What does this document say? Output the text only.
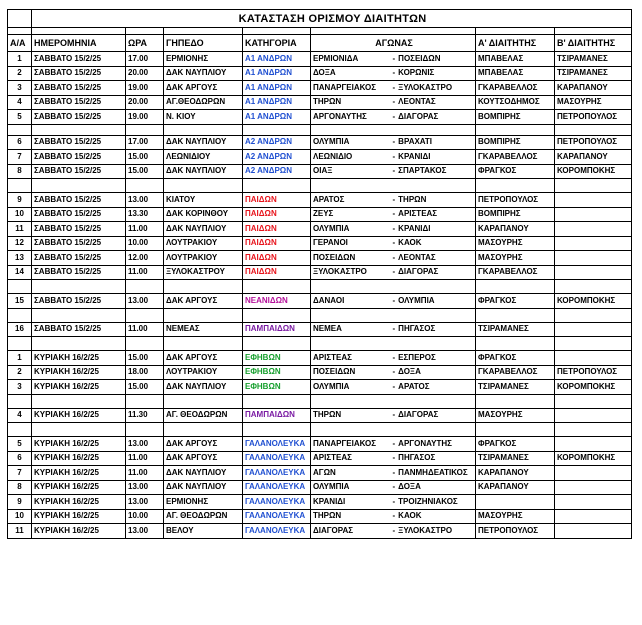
	ΚΑΤΑΣΤΑΣΗ ΟΡΙΣΜΟΥ ΔΙΑΙΤΗΤΩΝ							

Α/Α	ΗΜΕΡΟΜΗΝΙΑ	ΩΡΑ	ΓΗΠΕΔΟ	ΚΑΤΗΓΟΡΙΑ	ΑΓΩΝΑΣ		Α' ΔΙΑΙΤΗΤΗΣ	Β' ΔΙΑΙΤΗΤΗΣ
1	ΣΑΒΒΑΤΟ 15/2/25	17.00	ΕΡΜΙΟΝΗΣ	Α1 ΑΝΔΡΩΝ	ΕΡΜΙΟΝΙΔΑ	- ΠΟΣΕΙΔΩΝ	ΜΠΑΒΕΛΑΣ	ΤΣΙΡΑΜΑΝΕΣ
2	ΣΑΒΒΑΤΟ 15/2/25	20.00	ΔΑΚ ΝΑΥΠΛΙΟΥ	Α1 ΑΝΔΡΩΝ	ΔΟΞΑ	- ΚΟΡΩΝΙΣ	ΜΠΑΒΕΛΑΣ	ΤΣΙΡΑΜΑΝΕΣ
3	ΣΑΒΒΑΤΟ 15/2/25	19.00	ΔΑΚ ΑΡΓΟΥΣ	Α1 ΑΝΔΡΩΝ	ΠΑΝΑΡΓΕΙΑΚΟΣ	- ΞΥΛΟΚΑΣΤΡΟ	ΓΚΑΡΑΒΕΛΛΟΣ	ΚΑΡΑΠΑΝΟΥ
4	ΣΑΒΒΑΤΟ 15/2/25	20.00	ΑΓ.ΘΕΟΔΩΡΩΝ	Α1 ΑΝΔΡΩΝ	ΤΗΡΩΝ	- ΛΕΟΝΤΑΣ	ΚΟΥΤΣΟΔΗΜΟΣ	ΜΑΣΟΥΡΗΣ
5	ΣΑΒΒΑΤΟ 15/2/25	19.00	Ν. ΚΙΟΥ	Α1 ΑΝΔΡΩΝ	ΑΡΓΟΝΑΥΤΗΣ	- ΔΙΑΓΟΡΑΣ	ΒΟΜΠΙΡΗΣ	ΠΕΤΡΟΠΟΥΛΟΣ

6	ΣΑΒΒΑΤΟ 15/2/25	17.00	ΔΑΚ ΝΑΥΠΛΙΟΥ	Α2 ΑΝΔΡΩΝ	ΟΛΥΜΠΙΑ	- ΒΡΑΧΑΤΙ	ΒΟΜΠΙΡΗΣ	ΠΕΤΡΟΠΟΥΛΟΣ
7	ΣΑΒΒΑΤΟ 15/2/25	15.00	ΛΕΩΝΙΔΙΟΥ	Α2 ΑΝΔΡΩΝ	ΛΕΩΝΙΔΙΟ	- ΚΡΑΝΙΔΙ	ΓΚΑΡΑΒΕΛΛΟΣ	ΚΑΡΑΠΑΝΟΥ
8	ΣΑΒΒΑΤΟ 15/2/25	15.00	ΔΑΚ ΝΑΥΠΛΙΟΥ	Α2 ΑΝΔΡΩΝ	ΟΙΑΞ	- ΣΠΑΡΤΑΚΟΣ	ΦΡΑΓΚΟΣ	ΚΟΡΟΜΠΟΚΗΣ

9	ΣΑΒΒΑΤΟ 15/2/25	13.00	ΚΙΑΤΟΥ	ΠΑΙΔΩΝ	ΑΡΑΤΟΣ	- ΤΗΡΩΝ	ΠΕΤΡΟΠΟΥΛΟΣ	
10	ΣΑΒΒΑΤΟ 15/2/25	13.30	ΔΑΚ ΚΟΡΙΝΘΟΥ	ΠΑΙΔΩΝ	ΖΕΥΣ	- ΑΡΙΣΤΕΑΣ	ΒΟΜΠΙΡΗΣ	
11	ΣΑΒΒΑΤΟ 15/2/25	11.00	ΔΑΚ ΝΑΥΠΛΙΟΥ	ΠΑΙΔΩΝ	ΟΛΥΜΠΙΑ	- ΚΡΑΝΙΔΙ	ΚΑΡΑΠΑΝΟΥ	
12	ΣΑΒΒΑΤΟ 15/2/25	10.00	ΛΟΥΤΡΑΚΙΟΥ	ΠΑΙΔΩΝ	ΓΕΡΑΝΟΙ	- ΚΑΟΚ	ΜΑΣΟΥΡΗΣ	
13	ΣΑΒΒΑΤΟ 15/2/25	12.00	ΛΟΥΤΡΑΚΙΟΥ	ΠΑΙΔΩΝ	ΠΟΣΕΙΔΩΝ	- ΛΕΟΝΤΑΣ	ΜΑΣΟΥΡΗΣ	
14	ΣΑΒΒΑΤΟ 15/2/25	11.00	ΞΥΛΟΚΑΣΤΡΟΥ	ΠΑΙΔΩΝ	ΞΥΛΟΚΑΣΤΡΟ	- ΔΙΑΓΟΡΑΣ	ΓΚΑΡΑΒΕΛΛΟΣ	

15	ΣΑΒΒΑΤΟ 15/2/25	13.00	ΔΑΚ ΑΡΓΟΥΣ	ΝΕΑΝΙΔΩΝ	ΔΑΝΑΟΙ	- ΟΛΥΜΠΙΑ	ΦΡΑΓΚΟΣ	ΚΟΡΟΜΠΟΚΗΣ

16	ΣΑΒΒΑΤΟ 15/2/25	11.00	ΝΕΜΕΑΣ	ΠΑΜΠΑΙΔΩΝ	ΝΕΜΕΑ	- ΠΗΓΑΣΟΣ	ΤΣΙΡΑΜΑΝΕΣ	

1	ΚΥΡΙΑΚΗ 16/2/25	15.00	ΔΑΚ ΑΡΓΟΥΣ	ΕΦΗΒΩΝ	ΑΡΙΣΤΕΑΣ	- ΕΣΠΕΡΟΣ	ΦΡΑΓΚΟΣ	
2	ΚΥΡΙΑΚΗ 16/2/25	18.00	ΛΟΥΤΡΑΚΙΟΥ	ΕΦΗΒΩΝ	ΠΟΣΕΙΔΩΝ	- ΔΟΞΑ	ΓΚΑΡΑΒΕΛΛΟΣ	ΠΕΤΡΟΠΟΥΛΟΣ
3	ΚΥΡΙΑΚΗ 16/2/25	15.00	ΔΑΚ ΝΑΥΠΛΙΟΥ	ΕΦΗΒΩΝ	ΟΛΥΜΠΙΑ	- ΑΡΑΤΟΣ	ΤΣΙΡΑΜΑΝΕΣ	ΚΟΡΟΜΠΟΚΗΣ

4	ΚΥΡΙΑΚΗ 16/2/25	11.30	ΑΓ. ΘΕΟΔΩΡΩΝ	ΠΑΜΠΑΙΔΩΝ	ΤΗΡΩΝ	- ΔΙΑΓΟΡΑΣ	ΜΑΣΟΥΡΗΣ	

5	ΚΥΡΙΑΚΗ 16/2/25	13.00	ΔΑΚ ΑΡΓΟΥΣ	ΓΑΛΑΝΟΛΕΥΚΑ	ΠΑΝΑΡΓΕΙΑΚΟΣ	- ΑΡΓΟΝΑΥΤΗΣ	ΦΡΑΓΚΟΣ	
6	ΚΥΡΙΑΚΗ 16/2/25	11.00	ΔΑΚ ΑΡΓΟΥΣ	ΓΑΛΑΝΟΛΕΥΚΑ	ΑΡΙΣΤΕΑΣ	- ΠΗΓΑΣΟΣ	ΤΣΙΡΑΜΑΝΕΣ	ΚΟΡΟΜΠΟΚΗΣ
7	ΚΥΡΙΑΚΗ 16/2/25	11.00	ΔΑΚ ΝΑΥΠΛΙΟΥ	ΓΑΛΑΝΟΛΕΥΚΑ	ΑΓΩΝ	- ΠΑΝΜΗΔΕΑΤΙΚΟΣ	ΚΑΡΑΠΑΝΟΥ	
8	ΚΥΡΙΑΚΗ 16/2/25	13.00	ΔΑΚ ΝΑΥΠΛΙΟΥ	ΓΑΛΑΝΟΛΕΥΚΑ	ΟΛΥΜΠΙΑ	- ΔΟΞΑ	ΚΑΡΑΠΑΝΟΥ	
9	ΚΥΡΙΑΚΗ 16/2/25	13.00	ΕΡΜΙΟΝΗΣ	ΓΑΛΑΝΟΛΕΥΚΑ	ΚΡΑΝΙΔΙ	- ΤΡΟΙΖΗΝΙΑΚΟΣ		
10	ΚΥΡΙΑΚΗ 16/2/25	10.00	ΑΓ. ΘΕΟΔΩΡΩΝ	ΓΑΛΑΝΟΛΕΥΚΑ	ΤΗΡΩΝ	- ΚΑΟΚ	ΜΑΣΟΥΡΗΣ	
11	ΚΥΡΙΑΚΗ 16/2/25	13.00	ΒΕΛΟΥ	ΓΑΛΑΝΟΛΕΥΚΑ	ΔΙΑΓΟΡΑΣ	- ΞΥΛΟΚΑΣΤΡΟ	ΠΕΤΡΟΠΟΥΛΟΣ	
